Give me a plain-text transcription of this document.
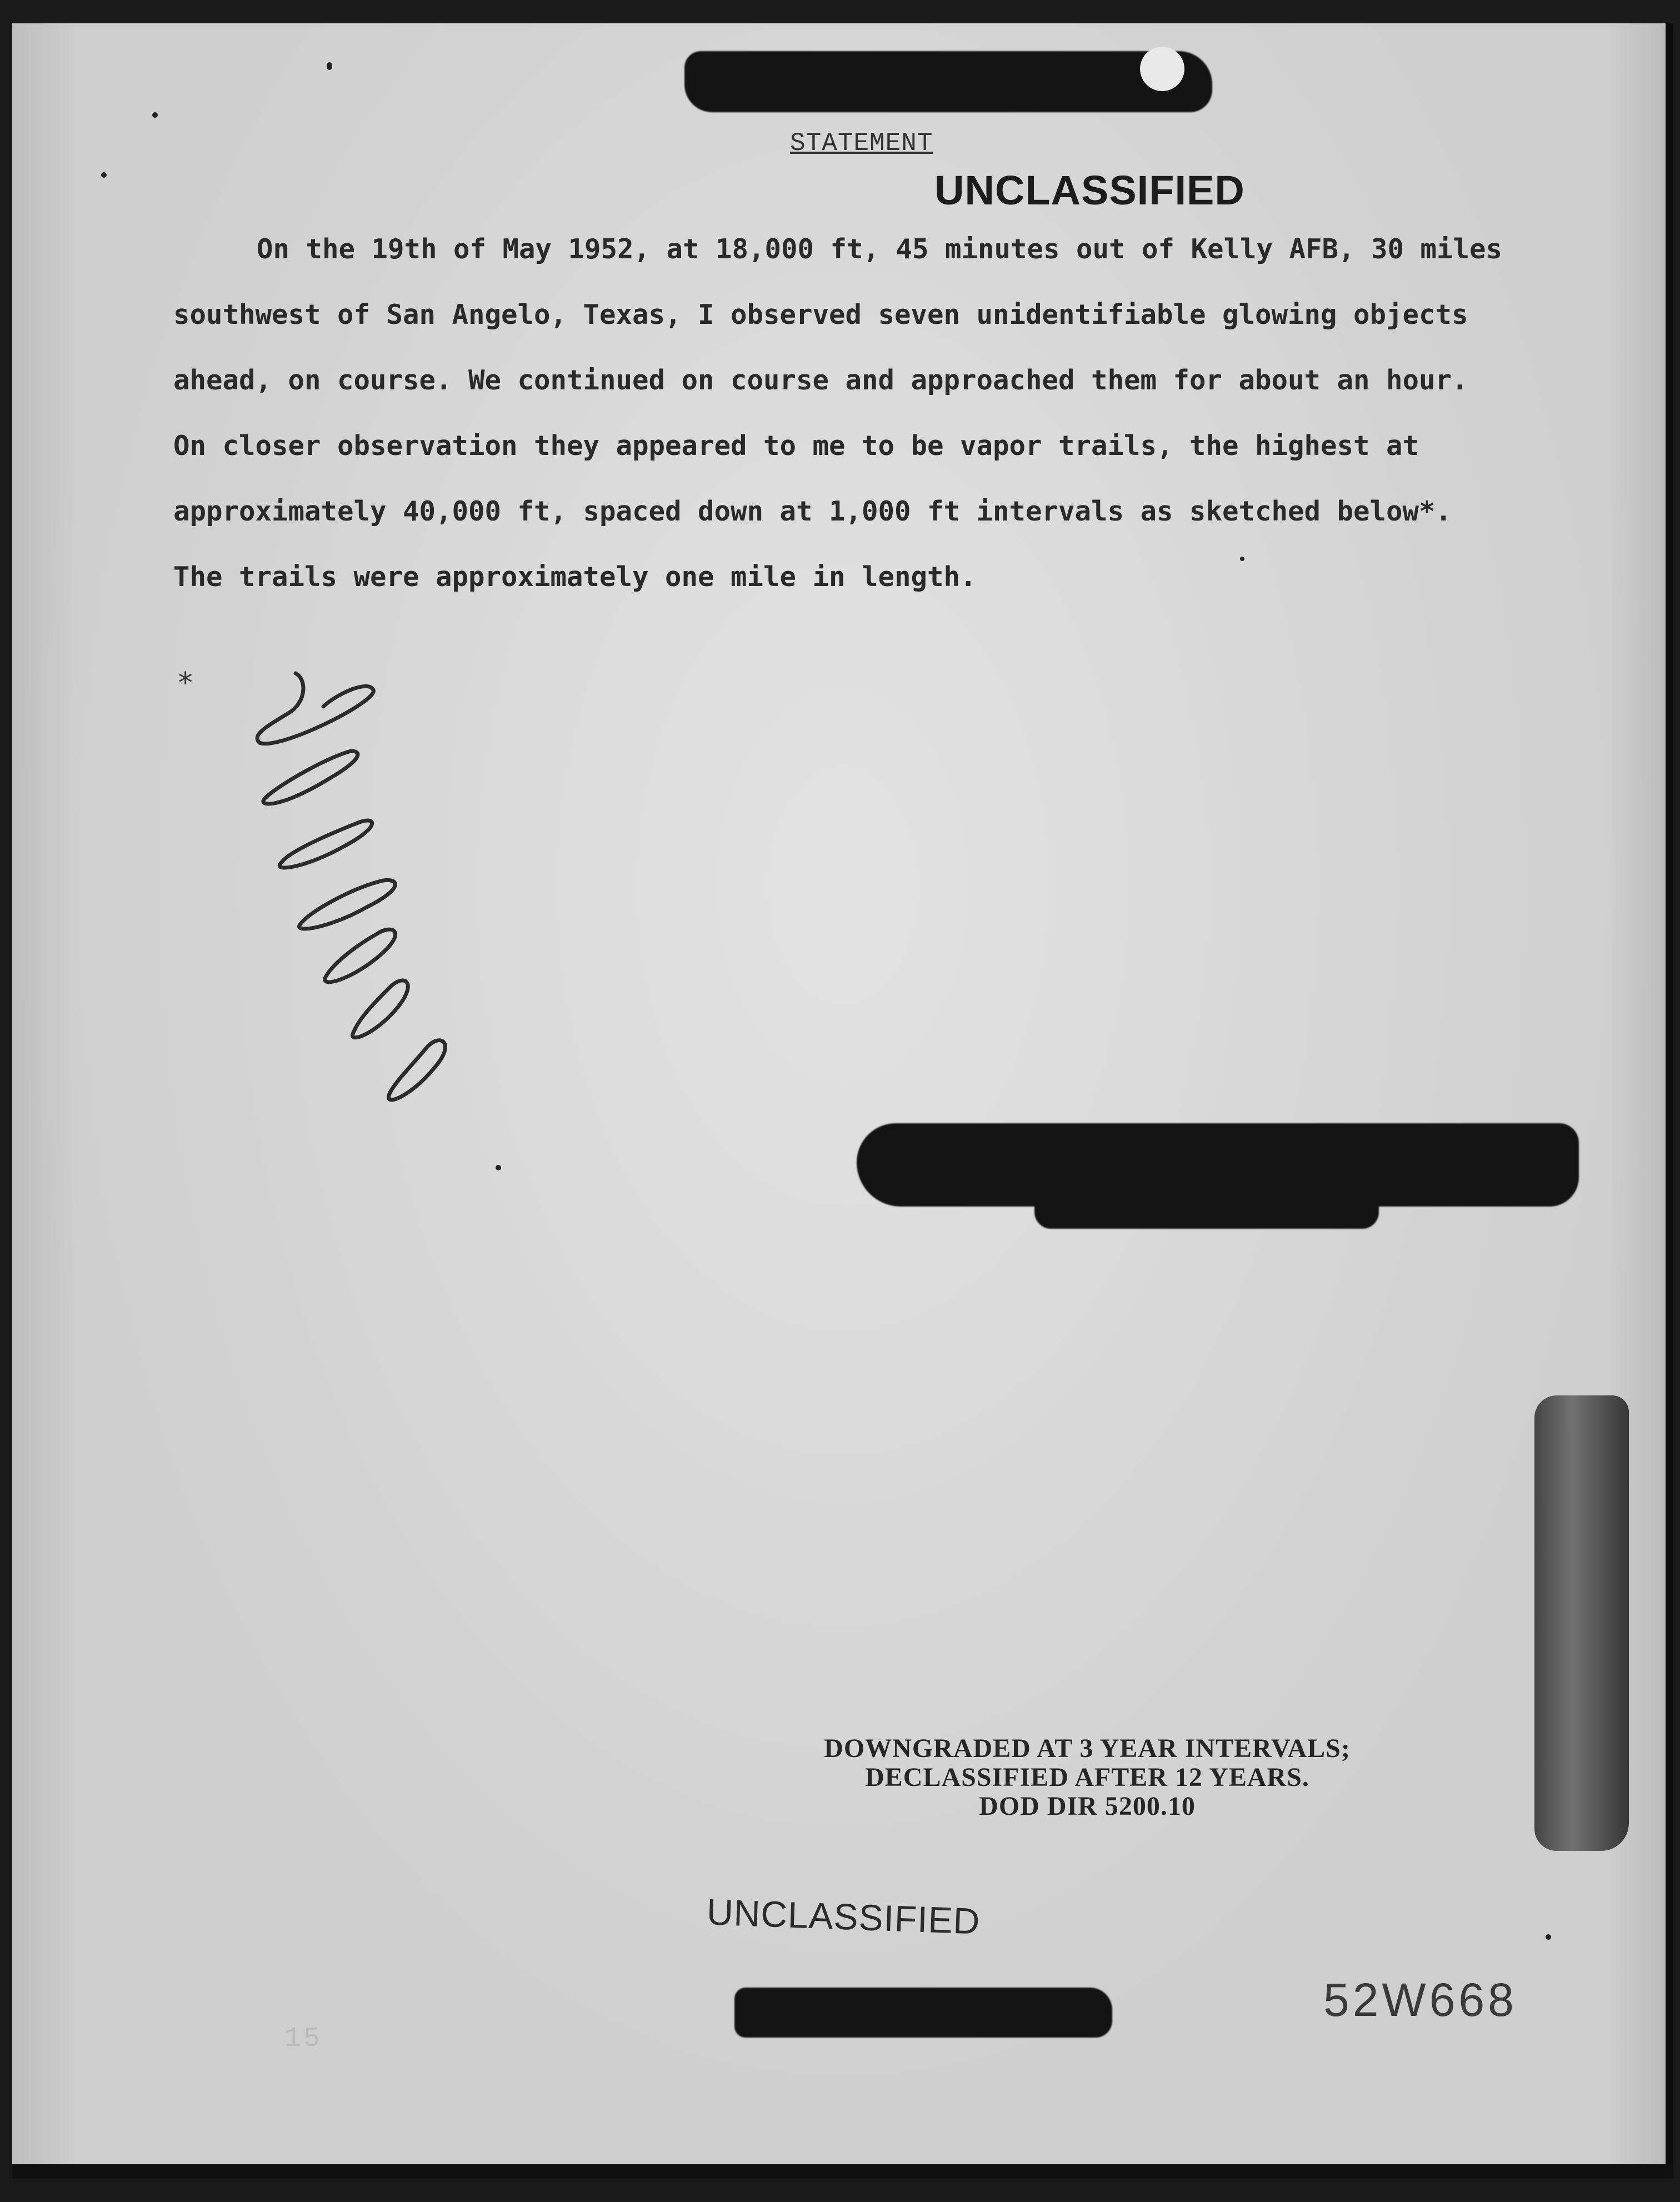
STATEMENT
UNCLASSIFIED
On the 19th of May 1952, at 18,000 ft, 45 minutes out of Kelly AFB, 30 miles
southwest of San Angelo, Texas, I observed seven unidentifiable glowing objects
ahead, on course. We continued on course and approached them for about an hour.
On closer observation they appeared to me to be vapor trails, the highest at
approximately 40,000 ft, spaced down at 1,000 ft intervals as sketched below*.
The trails were approximately one mile in length.
*
DOWNGRADED AT 3 YEAR INTERVALS;
DECLASSIFIED AFTER 12 YEARS.
DOD DIR 5200.10
UNCLASSIFIED
15
52W668
